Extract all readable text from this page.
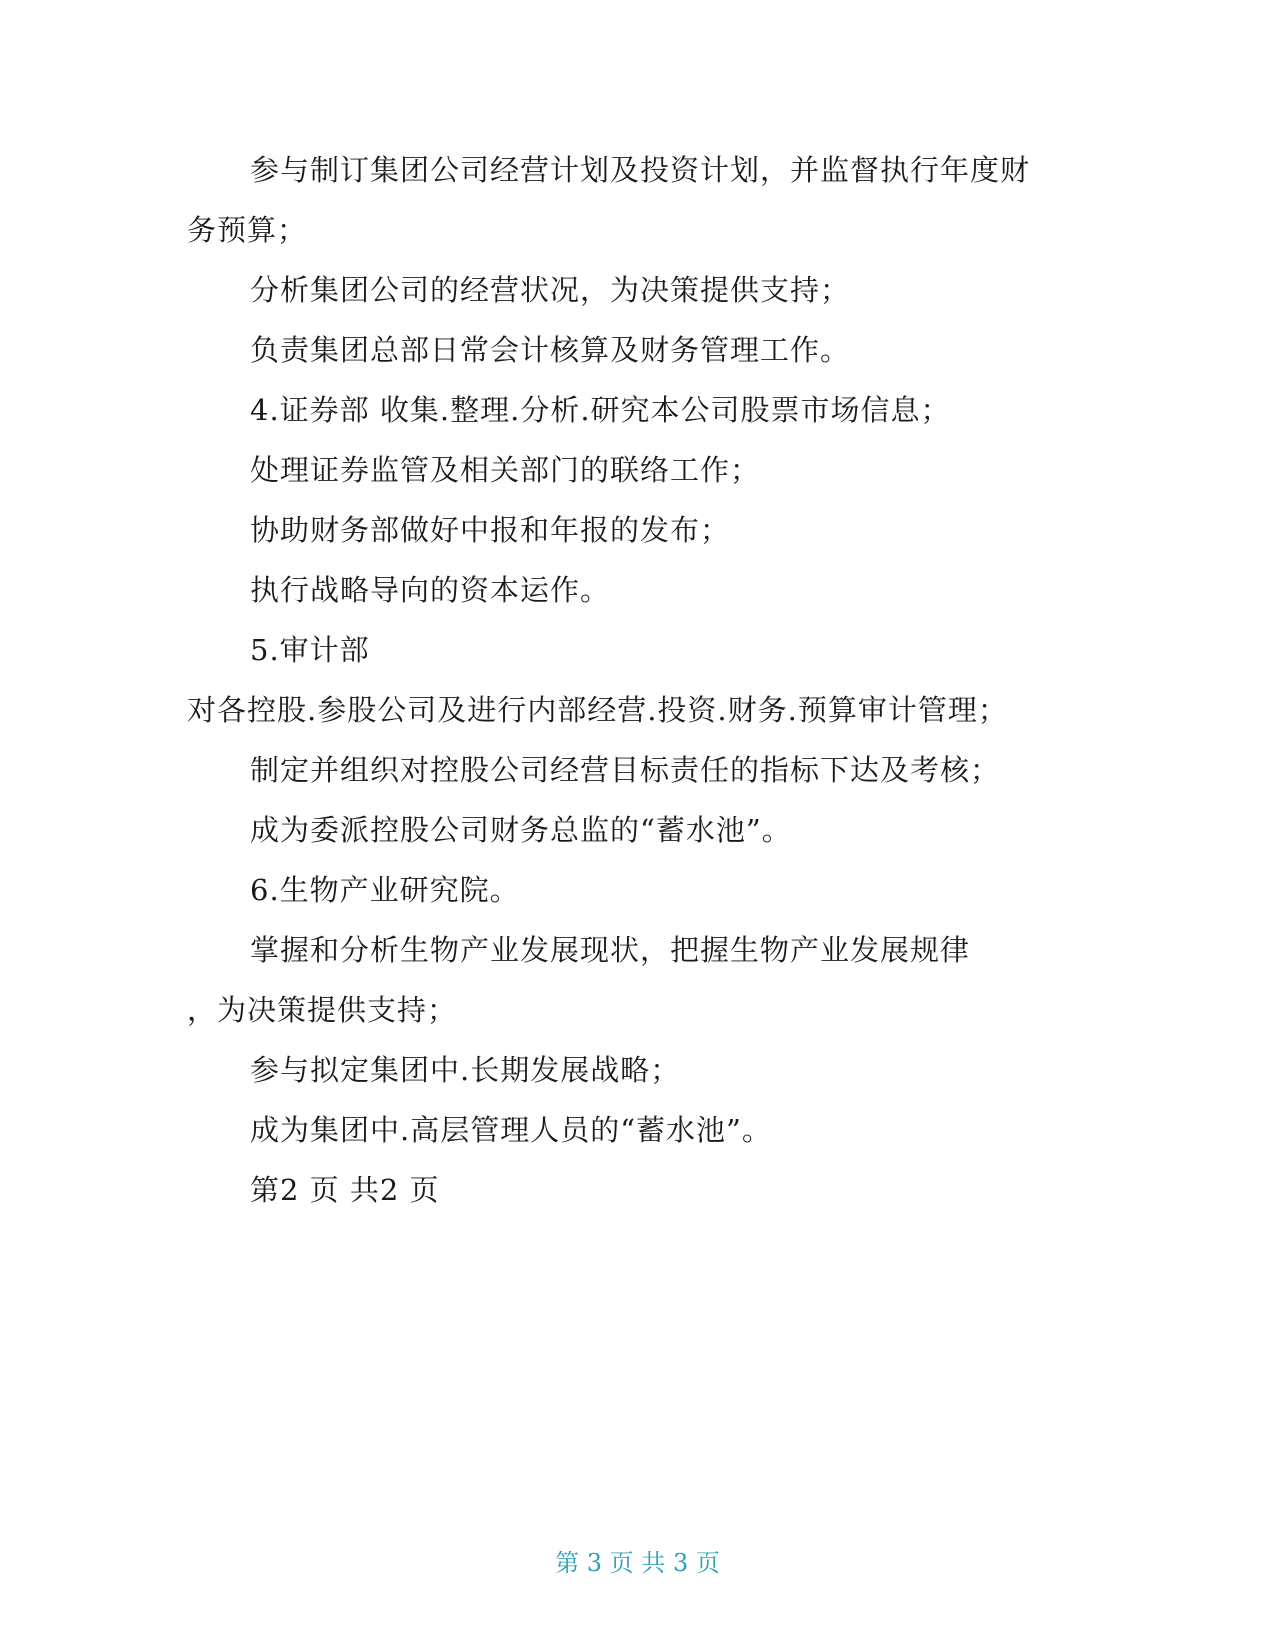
参与制订集团公司经营计划及投资计划，并监督执行年度财
务预算；
分析集团公司的经营状况，为决策提供支持；
负责集团总部日常会计核算及财务管理工作。
4.证券部 收集.整理.分析.研究本公司股票市场信息；
处理证券监管及相关部门的联络工作；
协助财务部做好中报和年报的发布；
执行战略导向的资本运作。
5.审计部
对各控股.参股公司及进行内部经营.投资.财务.预算审计管理；
制定并组织对控股公司经营目标责任的指标下达及考核；
成为委派控股公司财务总监的“蓄水池”。
6.生物产业研究院。
掌握和分析生物产业发展现状，把握生物产业发展规律
，为决策提供支持；
参与拟定集团中.长期发展战略；
成为集团中.高层管理人员的“蓄水池”。
第2 页 共2 页
第 3 页 共 3 页
